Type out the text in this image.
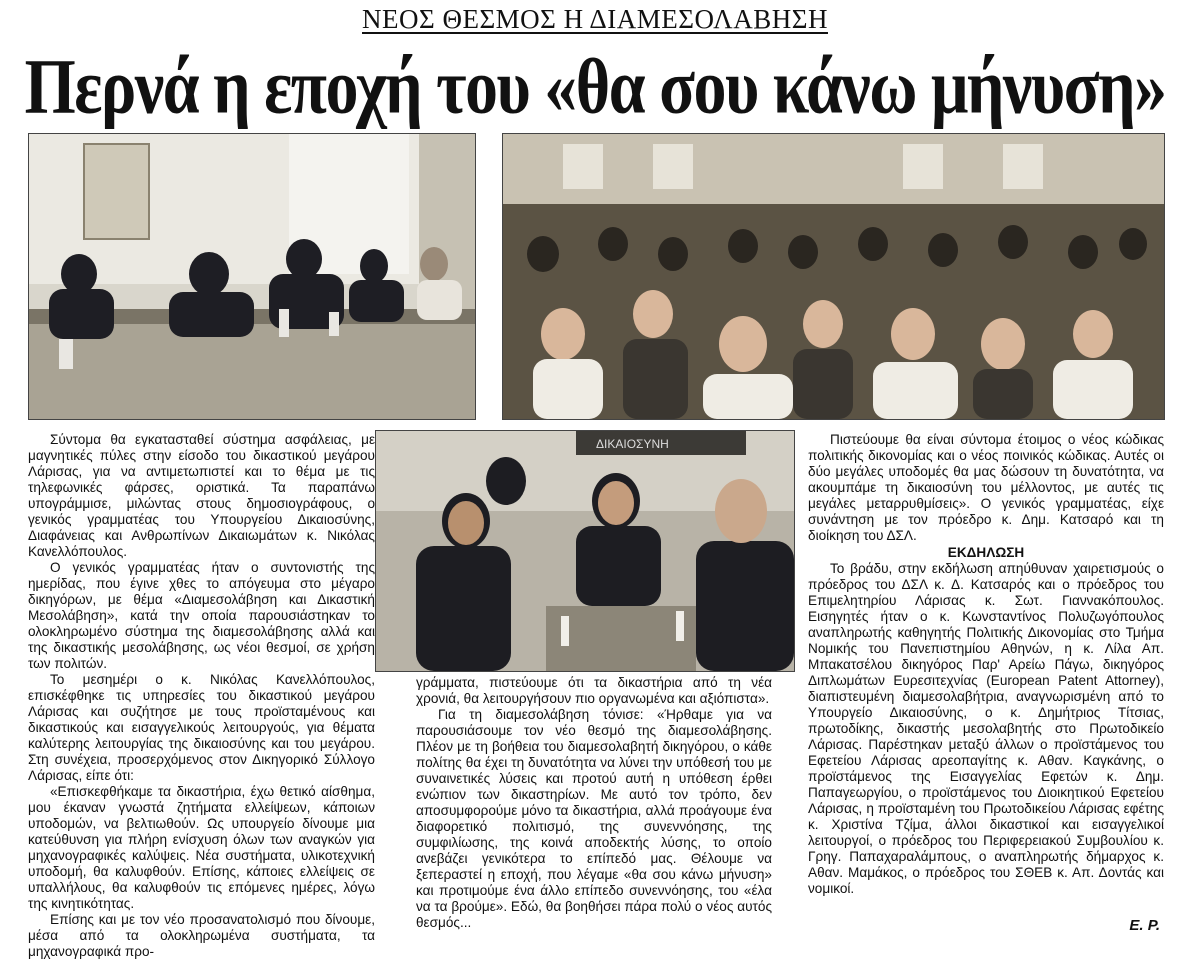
ΝΕΟΣ ΘΕΣΜΟΣ Η ΔΙΑΜΕΣΟΛΑΒΗΣΗ
Περνά η εποχή του «θα σου κάνω μήνυση»
ΔΙΚΑΙΟΣΥΝΗ

Σύντομα θα εγκατασταθεί σύστημα ασφάλειας, με μαγνητικές πύλες στην είσοδο του δικαστικού μεγάρου Λάρισας, για να αντιμετωπιστεί και το θέμα με τις τηλεφωνικές φάρσες, οριστικά. Τα παραπάνω υπογράμμισε, μιλώντας στους δημοσιογράφους, ο γενικός γραμματέας του Υπουργείου Δικαιοσύνης, Διαφάνειας και Ανθρωπίνων Δικαιωμάτων κ. Νικόλας Κανελλόπουλος.

Ο γενικός γραμματέας ήταν ο συντονιστής της ημερίδας, που έγινε χθες το απόγευμα στο μέγαρο δικηγόρων, με θέμα «Διαμεσολάβηση και Δικαστική Μεσολάβηση», κατά την οποία παρουσιάστηκαν το ολοκληρωμένο σύστημα της διαμεσολάβησης αλλά και της δικαστικής μεσολάβησης, ως νέοι θεσμοί, σε χρήση των πολιτών.

Το μεσημέρι ο κ. Νικόλας Κανελλόπουλος, επισκέφθηκε τις υπηρεσίες του δικαστικού μεγάρου Λάρισας και συζήτησε με τους προϊσταμένους και δικαστικούς και εισαγγελικούς λειτουργούς, για θέματα καλύτερης λειτουργίας της δικαιοσύνης και του μεγάρου. Στη συνέχεια, προσερχόμενος στον Δικηγορικό Σύλλογο Λάρισας, είπε ότι:

«Επισκεφθήκαμε τα δικαστήρια, έχω θετικό αίσθημα, μου έκαναν γνωστά ζητήματα ελλείψεων, κάποιων υποδομών, να βελτιωθούν. Ως υπουργείο δίνουμε μια κατεύθυνση για πλήρη ενίσχυση όλων των αναγκών για μηχανογραφικές καλύψεις. Νέα συστήματα, υλικοτεχνική υποδομή, θα καλυφθούν. Επίσης, κάποιες ελλείψεις σε υπαλλήλους, θα καλυφθούν τις επόμενες ημέρες, λόγω της κινητικότητας.

Επίσης και με τον νέο προσανατολισμό που δίνουμε, μέσα από τα ολοκληρωμένα συστήματα, τα μηχανογραφικά προ-

γράμματα, πιστεύουμε ότι τα δικαστήρια από τη νέα χρονιά, θα λειτουργήσουν πιο οργανωμένα και αξιόπιστα».

Για τη διαμεσολάβηση τόνισε: «Ήρθαμε για να παρουσιάσουμε τον νέο θεσμό της διαμεσολάβησης. Πλέον με τη βοήθεια του διαμεσολαβητή δικηγόρου, ο κάθε πολίτης θα έχει τη δυνατότητα να λύνει την υπόθεσή του με συναινετικές λύσεις και προτού αυτή η υπόθεση έρθει ενώπιον των δικαστηρίων. Με αυτό τον τρόπο, δεν αποσυμφορούμε μόνο τα δικαστήρια, αλλά προάγουμε ένα διαφορετικό πολιτισμό, της συνεννόησης, της συμφιλίωσης, της κοινά αποδεκτής λύσης, το οποίο ανεβάζει γενικότερα το επίπεδό μας. Θέλουμε να ξεπεραστεί η εποχή, που λέγαμε «θα σου κάνω μήνυση» και προτιμούμε ένα άλλο επίπεδο συνεννόησης, του «έλα να τα βρούμε». Εδώ, θα βοηθήσει πάρα πολύ ο νέος αυτός θεσμός...

Πιστεύουμε θα είναι σύντομα έτοιμος ο νέος κώδικας πολιτικής δικονομίας και ο νέος ποινικός κώδικας. Αυτές οι δύο μεγάλες υποδομές θα μας δώσουν τη δυνατότητα, να ακουμπάμε τη δικαιοσύνη του μέλλοντος, με αυτές τις μεγάλες μεταρρυθμίσεις». Ο γενικός γραμματέας, είχε συνάντηση με τον πρόεδρο κ. Δημ. Κατσαρό και τη διοίκηση του ΔΣΛ.

ΕΚΔΗΛΩΣΗ

Το βράδυ, στην εκδήλωση απηύθυναν χαιρετισμούς ο πρόεδρος του ΔΣΛ κ. Δ. Κατσαρός και ο πρόεδρος του Επιμελητηρίου Λάρισας κ. Σωτ. Γιαννακόπουλος. Εισηγητές ήταν ο κ. Κωνσταντίνος Πολυζωγόπουλος αναπληρωτής καθηγητής Πολιτικής Δικονομίας στο Τμήμα Νομικής του Πανεπιστημίου Αθηνών, η κ. Λίλα Απ. Μπακατσέλου δικηγόρος Παρ' Αρείω Πάγω, δικηγόρος Διπλωμάτων Ευρεσιτεχνίας (European Patent Attorney), διαπιστευμένη διαμεσολαβήτρια, αναγνωρισμένη από το Υπουργείο Δικαιοσύνης, ο κ. Δημήτριος Τίτσιας, πρωτοδίκης, δικαστής μεσολαβητής στο Πρωτοδικείο Λάρισας. Παρέστηκαν μεταξύ άλλων ο προϊστάμενος του Εφετείου Λάρισας αρεοπαγίτης κ. Αθαν. Καγκάνης, ο προϊστάμενος της Εισαγγελίας Εφετών κ. Δημ. Παπαγεωργίου, ο προϊστάμενος του Διοικητικού Εφετείου Λάρισας, η προϊσταμένη του Πρωτοδικείου Λάρισας εφέτης κ. Χριστίνα Τζίμα, άλλοι δικαστικοί και εισαγγελικοί λειτουργοί, ο πρόεδρος του Περιφερειακού Συμβουλίου κ. Γρηγ. Παπαχαραλάμπους, ο αναπληρωτής δήμαρχος κ. Αθαν. Μαμάκος, ο πρόεδρος του ΣΘΕΒ κ. Απ. Δοντάς και νομικοί.

Ε. Ρ.
